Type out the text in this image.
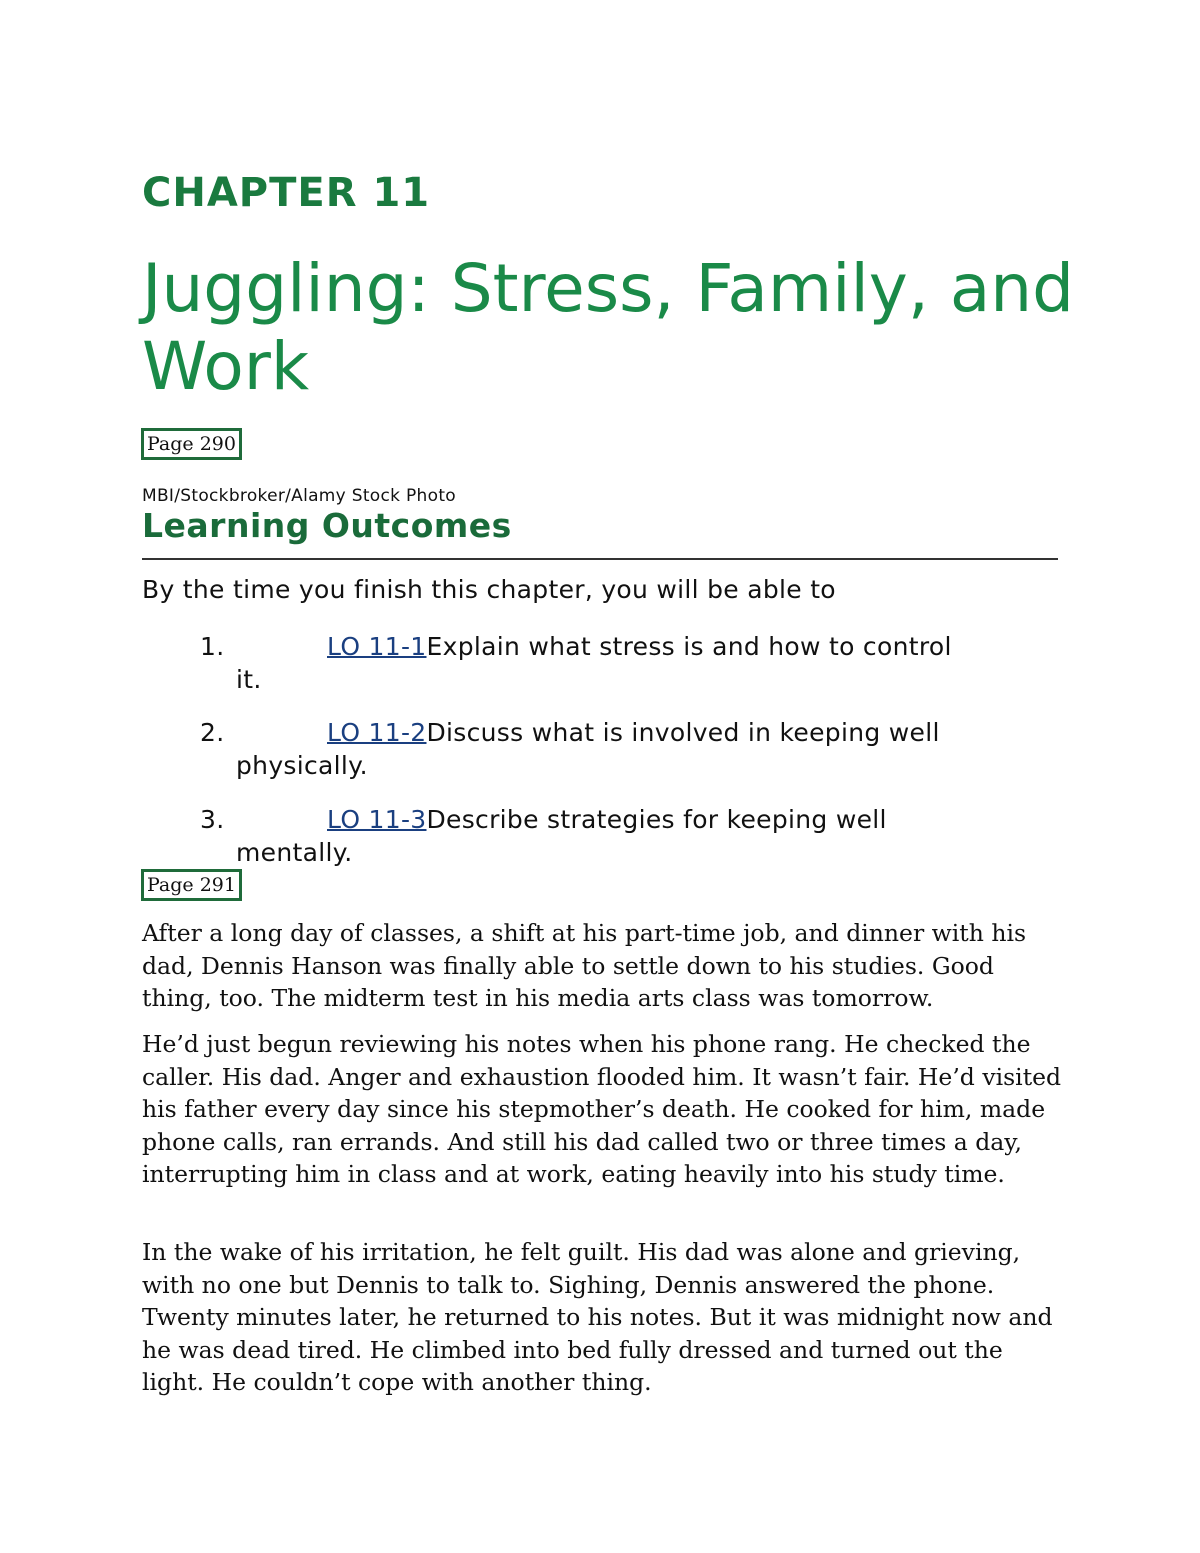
CHAPTER 11
Juggling: Stress, Family, and Work
Page 290

MBI/Stockbroker/Alamy Stock Photo

Learning Outcomes

By the time you finish this chapter, you will be able to

1.	LO 11-1Explain what stress is and how to control
it.
2.	LO 11-2Discuss what is involved in keeping well
physically.
3.	LO 11-3Describe strategies for keeping well
mentally.
Page 291

After a long day of classes, a shift at his part-time job, and dinner with his dad, Dennis Hanson was finally able to settle down to his studies. Good thing, too. The midterm test in his media arts class was tomorrow.

He’d just begun reviewing his notes when his phone rang. He checked the caller. His dad. Anger and exhaustion flooded him. It wasn’t fair. He’d visited his father every day since his stepmother’s death. He cooked for him, made phone calls, ran errands. And still his dad called two or three times a day, interrupting him in class and at work, eating heavily into his study time.

In the wake of his irritation, he felt guilt. His dad was alone and grieving, with no one but Dennis to talk to. Sighing, Dennis answered the phone. Twenty minutes later, he returned to his notes. But it was midnight now and he was dead tired. He climbed into bed fully dressed and turned out the light. He couldn’t cope with another thing.
